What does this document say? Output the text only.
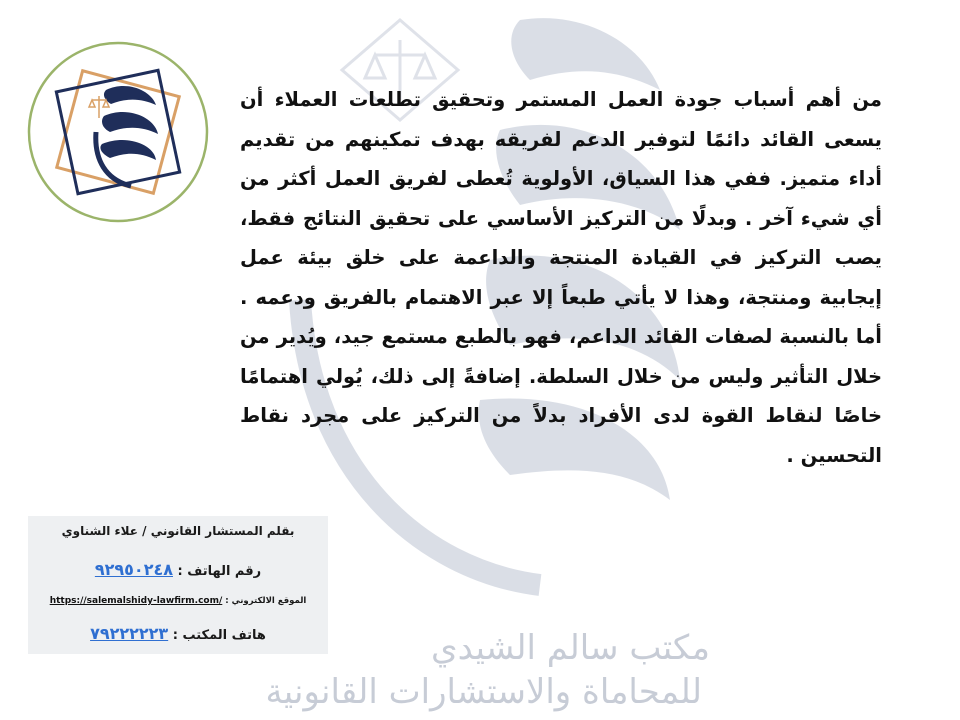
مكتب سالم الشيدي
للمحاماة والاستشارات القانونية
من أهم أسباب جودة العمل المستمر وتحقيق تطلعات العملاء أن يسعى القائد دائمًا لتوفير الدعم لفريقه بهدف تمكينهم من تقديم أداء متميز. ففي هذا السياق، الأولوية تُعطى لفريق العمل أكثر من أي شيء آخر . وبدلًا من التركيز الأساسي على تحقيق النتائج فقط، يصب التركيز في القيادة المنتجة والداعمة على خلق بيئة عمل إيجابية ومنتجة، وهذا لا يأتي طبعاً إلا عبر الاهتمام بالفريق ودعمه . أما بالنسبة لصفات القائد الداعم، فهو بالطبع مستمع جيد، ويُدير من خلال التأثير وليس من خلال السلطة. إضافةً إلى ذلك، يُولي اهتمامًا خاصًا لنقاط القوة لدى الأفراد بدلاً من التركيز على مجرد نقاط التحسين .
بقلم المستشار القانوني / علاء الشناوي
رقم الهاتف : ٩٢٩٥٠٢٤٨
الموقع الالكتروني : https://salemalshidy-lawfirm.com/
هاتف المكتب : ٧٩٢٢٢٢٢٣
